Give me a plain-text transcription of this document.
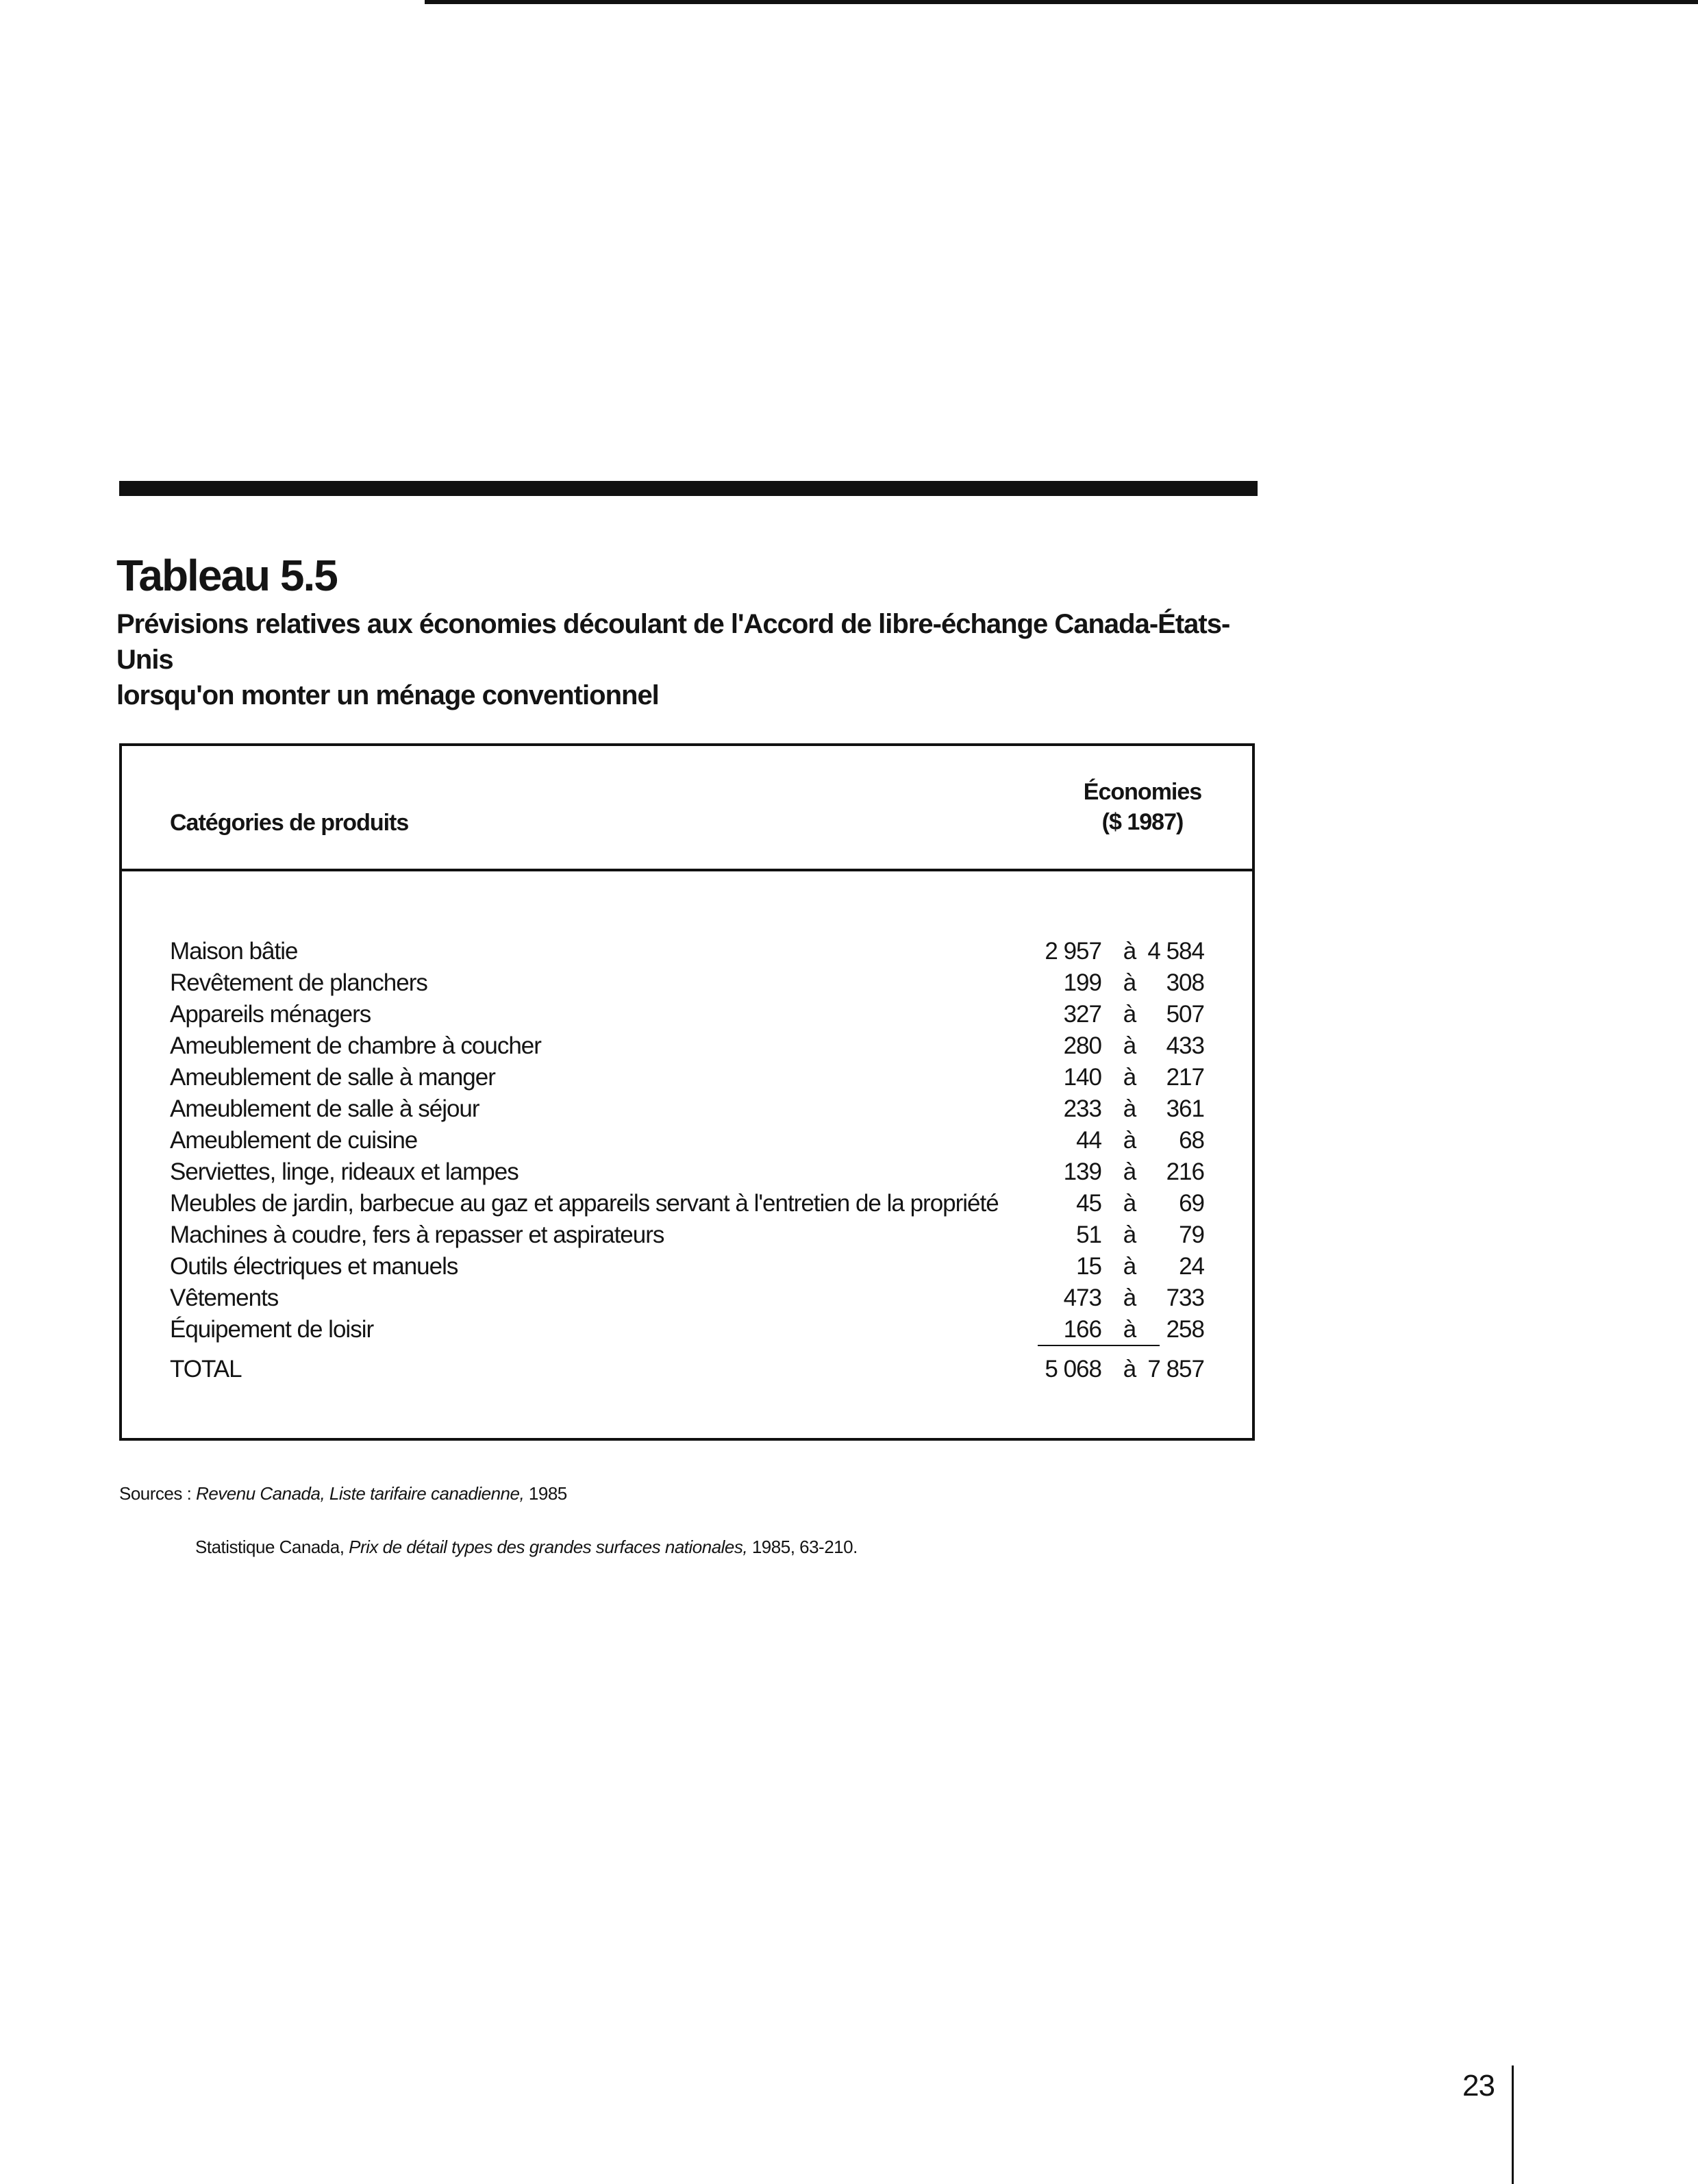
Tableau 5.5
Prévisions relatives aux économies découlant de l'Accord de libre-échange Canada-États-Unis
lorsqu'on monter un ménage conventionnel
Catégories de produits
Économies
($ 1987)
Maison bâtie	2 957 à 4 584
Revêtement de planchers	199 à	308
Appareils ménagers	327 à	507
Ameublement de chambre à coucher	280 à	433
Ameublement de salle à manger	140 à	217
Ameublement de salle à séjour	233 à	361
Ameublement de cuisine	44 à	68
Serviettes, linge, rideaux et lampes	139 à	216
Meubles de jardin, barbecue au gaz et appareils servant à l'entretien de la propriété	45 à	69
Machines à coudre, fers à repasser et aspirateurs	51 à	79
Outils électriques et manuels	15 à	24
Vêtements	473 à	733
Équipement de loisir	166 à	258
TOTAL	5 068 à 7 857
Sources : Revenu Canada, Liste tarifaire canadienne, 1985
Statistique Canada, Prix de détail types des grandes surfaces nationales, 1985, 63-210.
23
